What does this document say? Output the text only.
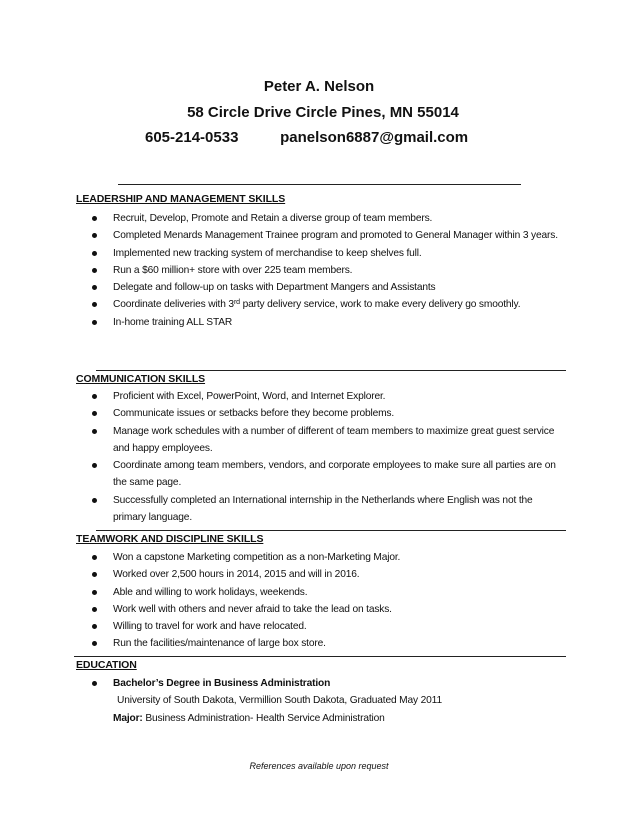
Peter A. Nelson
58 Circle Drive Circle Pines, MN 55014
605-214-0533	panelson6887@gmail.com
LEADERSHIP AND MANAGEMENT SKILLS
Recruit, Develop, Promote and Retain a diverse group of team members.
Completed Menards Management Trainee program and promoted to General Manager within 3 years.
Implemented new tracking system of merchandise to keep shelves full.
Run a $60 million+ store with over 225 team members.
Delegate and follow-up on tasks with Department Mangers and Assistants
Coordinate deliveries with 3rd party delivery service, work to make every delivery go smoothly.
In-home training ALL STAR
COMMUNICATION SKILLS
Proficient with Excel, PowerPoint, Word, and Internet Explorer.
Communicate issues or setbacks before they become problems.
Manage work schedules with a number of different of team members to maximize great guest service and happy employees.
Coordinate among team members, vendors, and corporate employees to make sure all parties are on the same page.
Successfully completed an International internship in the Netherlands where English was not the primary language.
TEAMWORK AND DISCIPLINE SKILLS
Won a capstone Marketing competition as a non-Marketing Major.
Worked over 2,500 hours in 2014, 2015 and will in 2016.
Able and willing to work holidays, weekends.
Work well with others and never afraid to take the lead on tasks.
Willing to travel for work and have relocated.
Run the facilities/maintenance of large box store.
EDUCATION
Bachelor’s Degree in Business Administration
University of South Dakota, Vermillion South Dakota, Graduated May 2011
Major: Business Administration- Health Service Administration
References available upon request
